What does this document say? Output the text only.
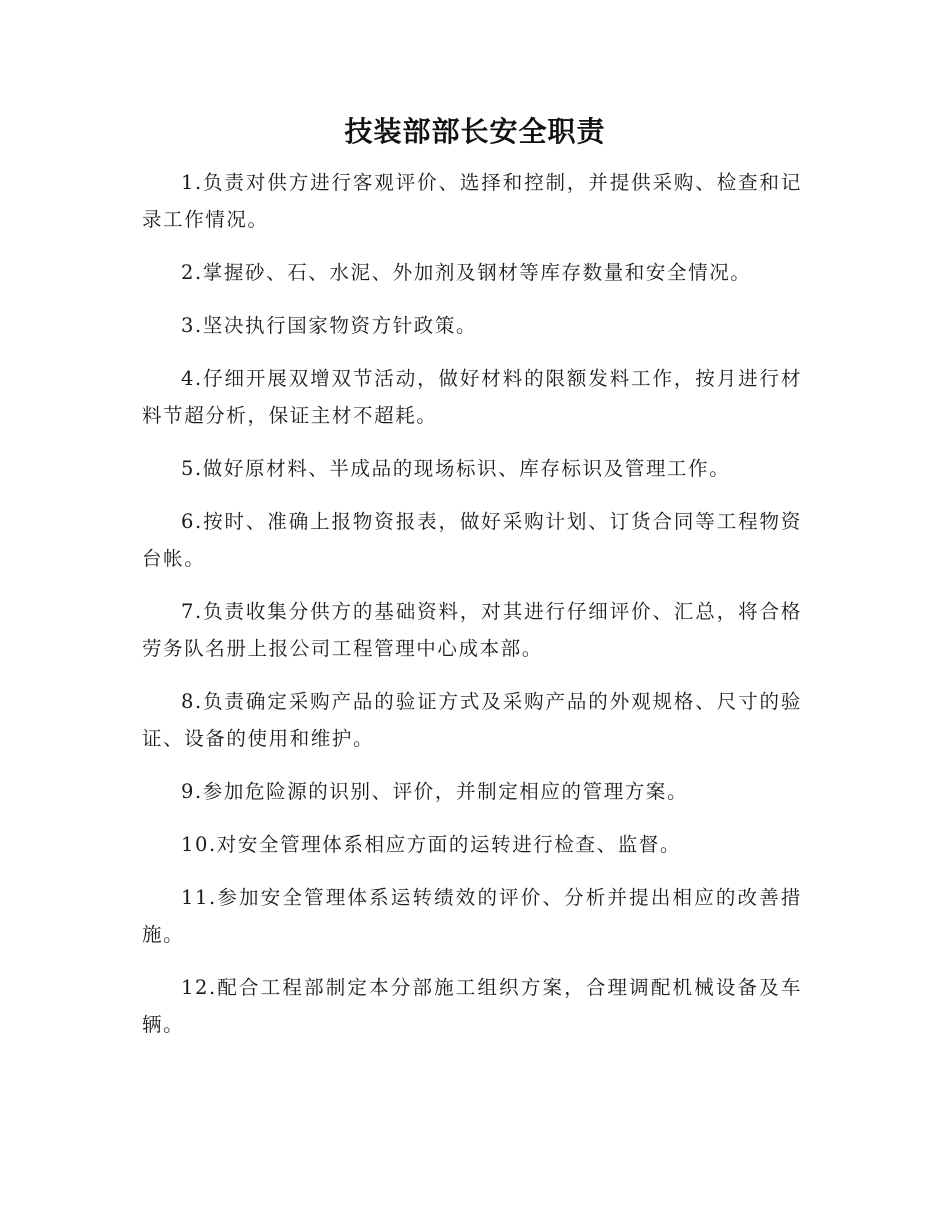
技装部部长安全职责

1.负责对供方进行客观评价、选择和控制，并提供采购、检查和记录工作情况。

2.掌握砂、石、水泥、外加剂及钢材等库存数量和安全情况。

3.坚决执行国家物资方针政策。

4.仔细开展双增双节活动，做好材料的限额发料工作，按月进行材料节超分析，保证主材不超耗。

5.做好原材料、半成品的现场标识、库存标识及管理工作。

6.按时、准确上报物资报表，做好采购计划、订货合同等工程物资台帐。

7.负责收集分供方的基础资料，对其进行仔细评价、汇总，将合格劳务队名册上报公司工程管理中心成本部。

8.负责确定采购产品的验证方式及采购产品的外观规格、尺寸的验证、设备的使用和维护。

9.参加危险源的识别、评价，并制定相应的管理方案。

10.对安全管理体系相应方面的运转进行检查、监督。

11.参加安全管理体系运转绩效的评价、分析并提出相应的改善措施。

12.配合工程部制定本分部施工组织方案，合理调配机械设备及车辆。
